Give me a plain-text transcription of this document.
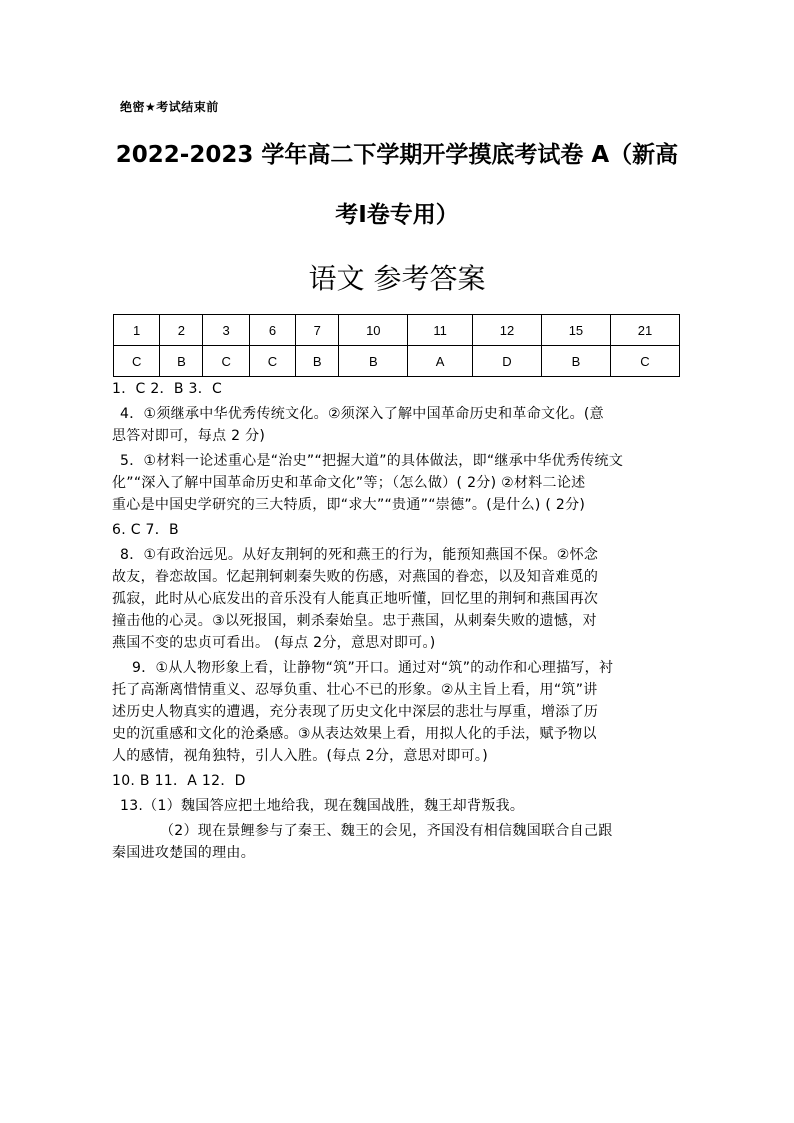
绝密★考试结束前
2022-2023 学年高二下学期开学摸底考试卷 A（新高
考Ⅰ卷专用）
语文 参考答案
1	2	3	6	7	10	11	12	15	21
C	B	C	C	B	B	A	D	B	C

1．C 2．B 3．C

4．①须继承中华优秀传统文化。②须深入了解中国革命历史和革命文化。(意

思答对即可，每点 2 分)

5．①材料一论述重心是“治史”“把握大道”的具体做法，即“继承中华优秀传统文

化”“深入了解中国革命历史和革命文化”等；（怎么做）( 2分) ②材料二论述

重心是中国史学研究的三大特质，即“求大”“贵通”“崇德”。(是什么) ( 2分)

6. C 7．B

8．①有政治远见。从好友荆轲的死和燕王的行为，能预知燕国不保。②怀念

故友，眷恋故国。忆起荆轲刺秦失败的伤感，对燕国的眷恋，以及知音难觅的

孤寂，此时从心底发出的音乐没有人能真正地听懂，回忆里的荆轲和燕国再次

撞击他的心灵。③以死报国，刺杀秦始皇。忠于燕国，从刺秦失败的遗憾，对

燕国不变的忠贞可看出。 (每点 2分，意思对即可。)

9．①从人物形象上看，让静物“筑”开口。通过对“筑”的动作和心理描写，衬

托了高渐离惜情重义、忍辱负重、壮心不已的形象。②从主旨上看，用“筑”讲

述历史人物真实的遭遇，充分表现了历史文化中深层的悲壮与厚重，增添了历

史的沉重感和文化的沧桑感。③从表达效果上看，用拟人化的手法，赋予物以

人的感情，视角独特，引人入胜。(每点 2分，意思对即可。)

10. B 11．A 12．D

13.（1）魏国答应把土地给我，现在魏国战胜，魏王却背叛我。

（2）现在景鲤参与了秦王、魏王的会见，齐国没有相信魏国联合自己跟

秦国进攻楚国的理由。
